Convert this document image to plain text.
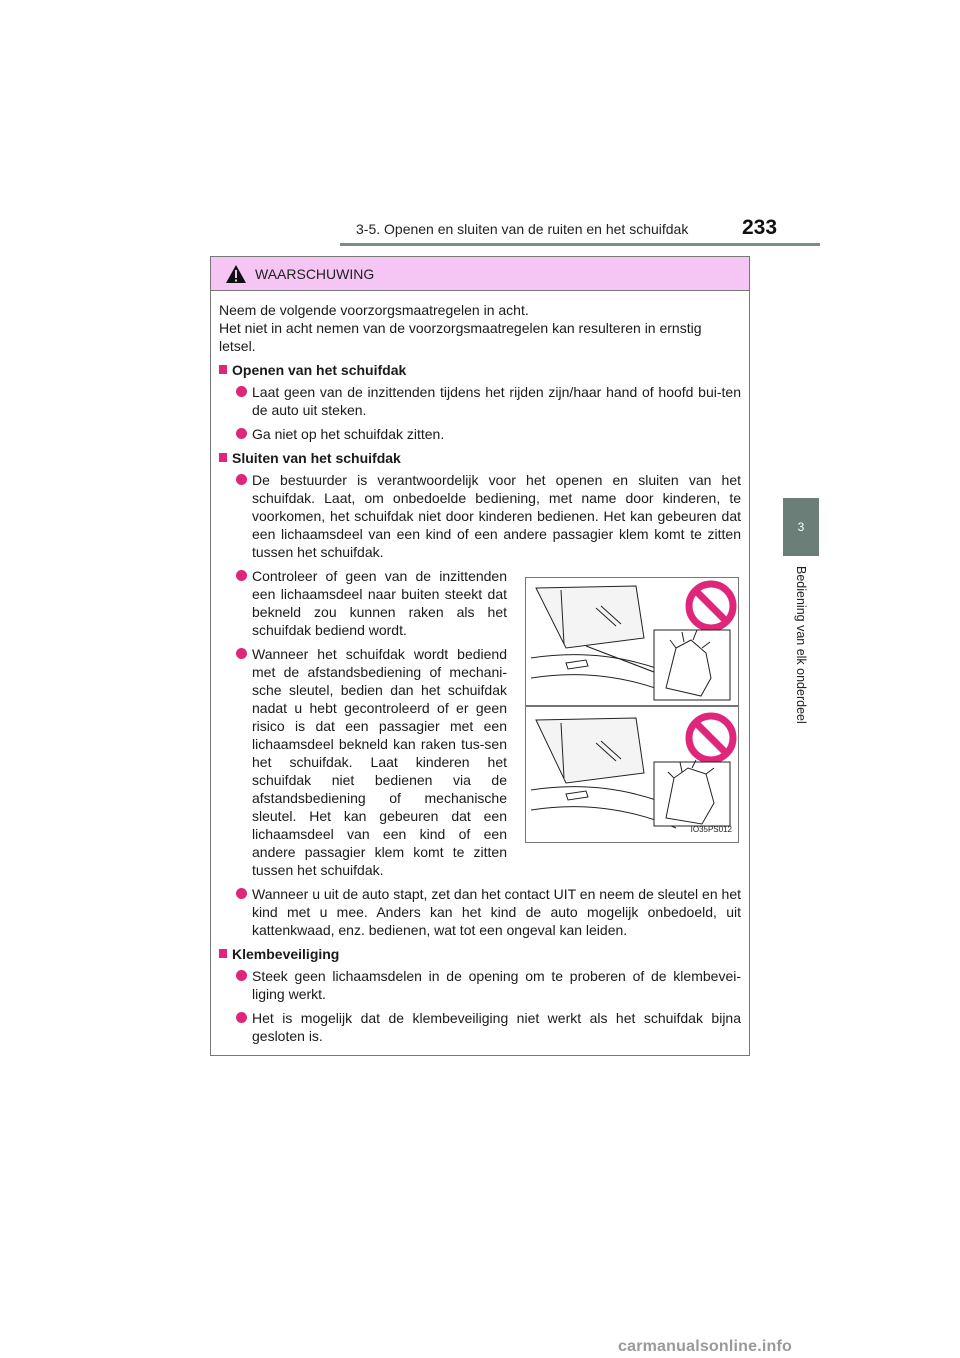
3-5. Openen en sluiten van de ruiten en het schuifdak	233
3
Bediening van elk onderdeel
WAARSCHUWING

Neem de volgende voorzorgsmaatregelen in acht.

Het niet in acht nemen van de voorzorgsmaatregelen kan resulteren in ernstig letsel.

Openen van het schuifdak
Laat geen van de inzittenden tijdens het rijden zijn/haar hand of hoofd bui-ten de auto uit steken.
Ga niet op het schuifdak zitten.
Sluiten van het schuifdak
De bestuurder is verantwoordelijk voor het openen en sluiten van het schuifdak. Laat, om onbedoelde bediening, met name door kinderen, te voorkomen, het schuifdak niet door kinderen bedienen. Het kan gebeuren dat een lichaamsdeel van een kind of een andere passagier klem komt te zitten tussen het schuifdak.
Controleer of geen van de inzittenden een lichaamsdeel naar buiten steekt dat bekneld zou kunnen raken als het schuifdak bediend wordt.
Wanneer het schuifdak wordt bediend met de afstandsbediening of mechani-sche sleutel, bedien dan het schuifdak nadat u hebt gecontroleerd of er geen risico is dat een passagier met een lichaamsdeel bekneld kan raken tus-sen het schuifdak. Laat kinderen het schuifdak niet bedienen via de afstandsbediening of mechanische sleutel. Het kan gebeuren dat een lichaamsdeel van een kind of een andere passagier klem komt te zitten tussen het schuifdak.
IO35PS012
Wanneer u uit de auto stapt, zet dan het contact UIT en neem de sleutel en het kind met u mee. Anders kan het kind de auto mogelijk onbedoeld, uit kattenkwaad, enz. bedienen, wat tot een ongeval kan leiden.
Klembeveiliging
Steek geen lichaamsdelen in de opening om te proberen of de klembevei-liging werkt.
Het is mogelijk dat de klembeveiliging niet werkt als het schuifdak bijna gesloten is.
carmanualsonline.info
